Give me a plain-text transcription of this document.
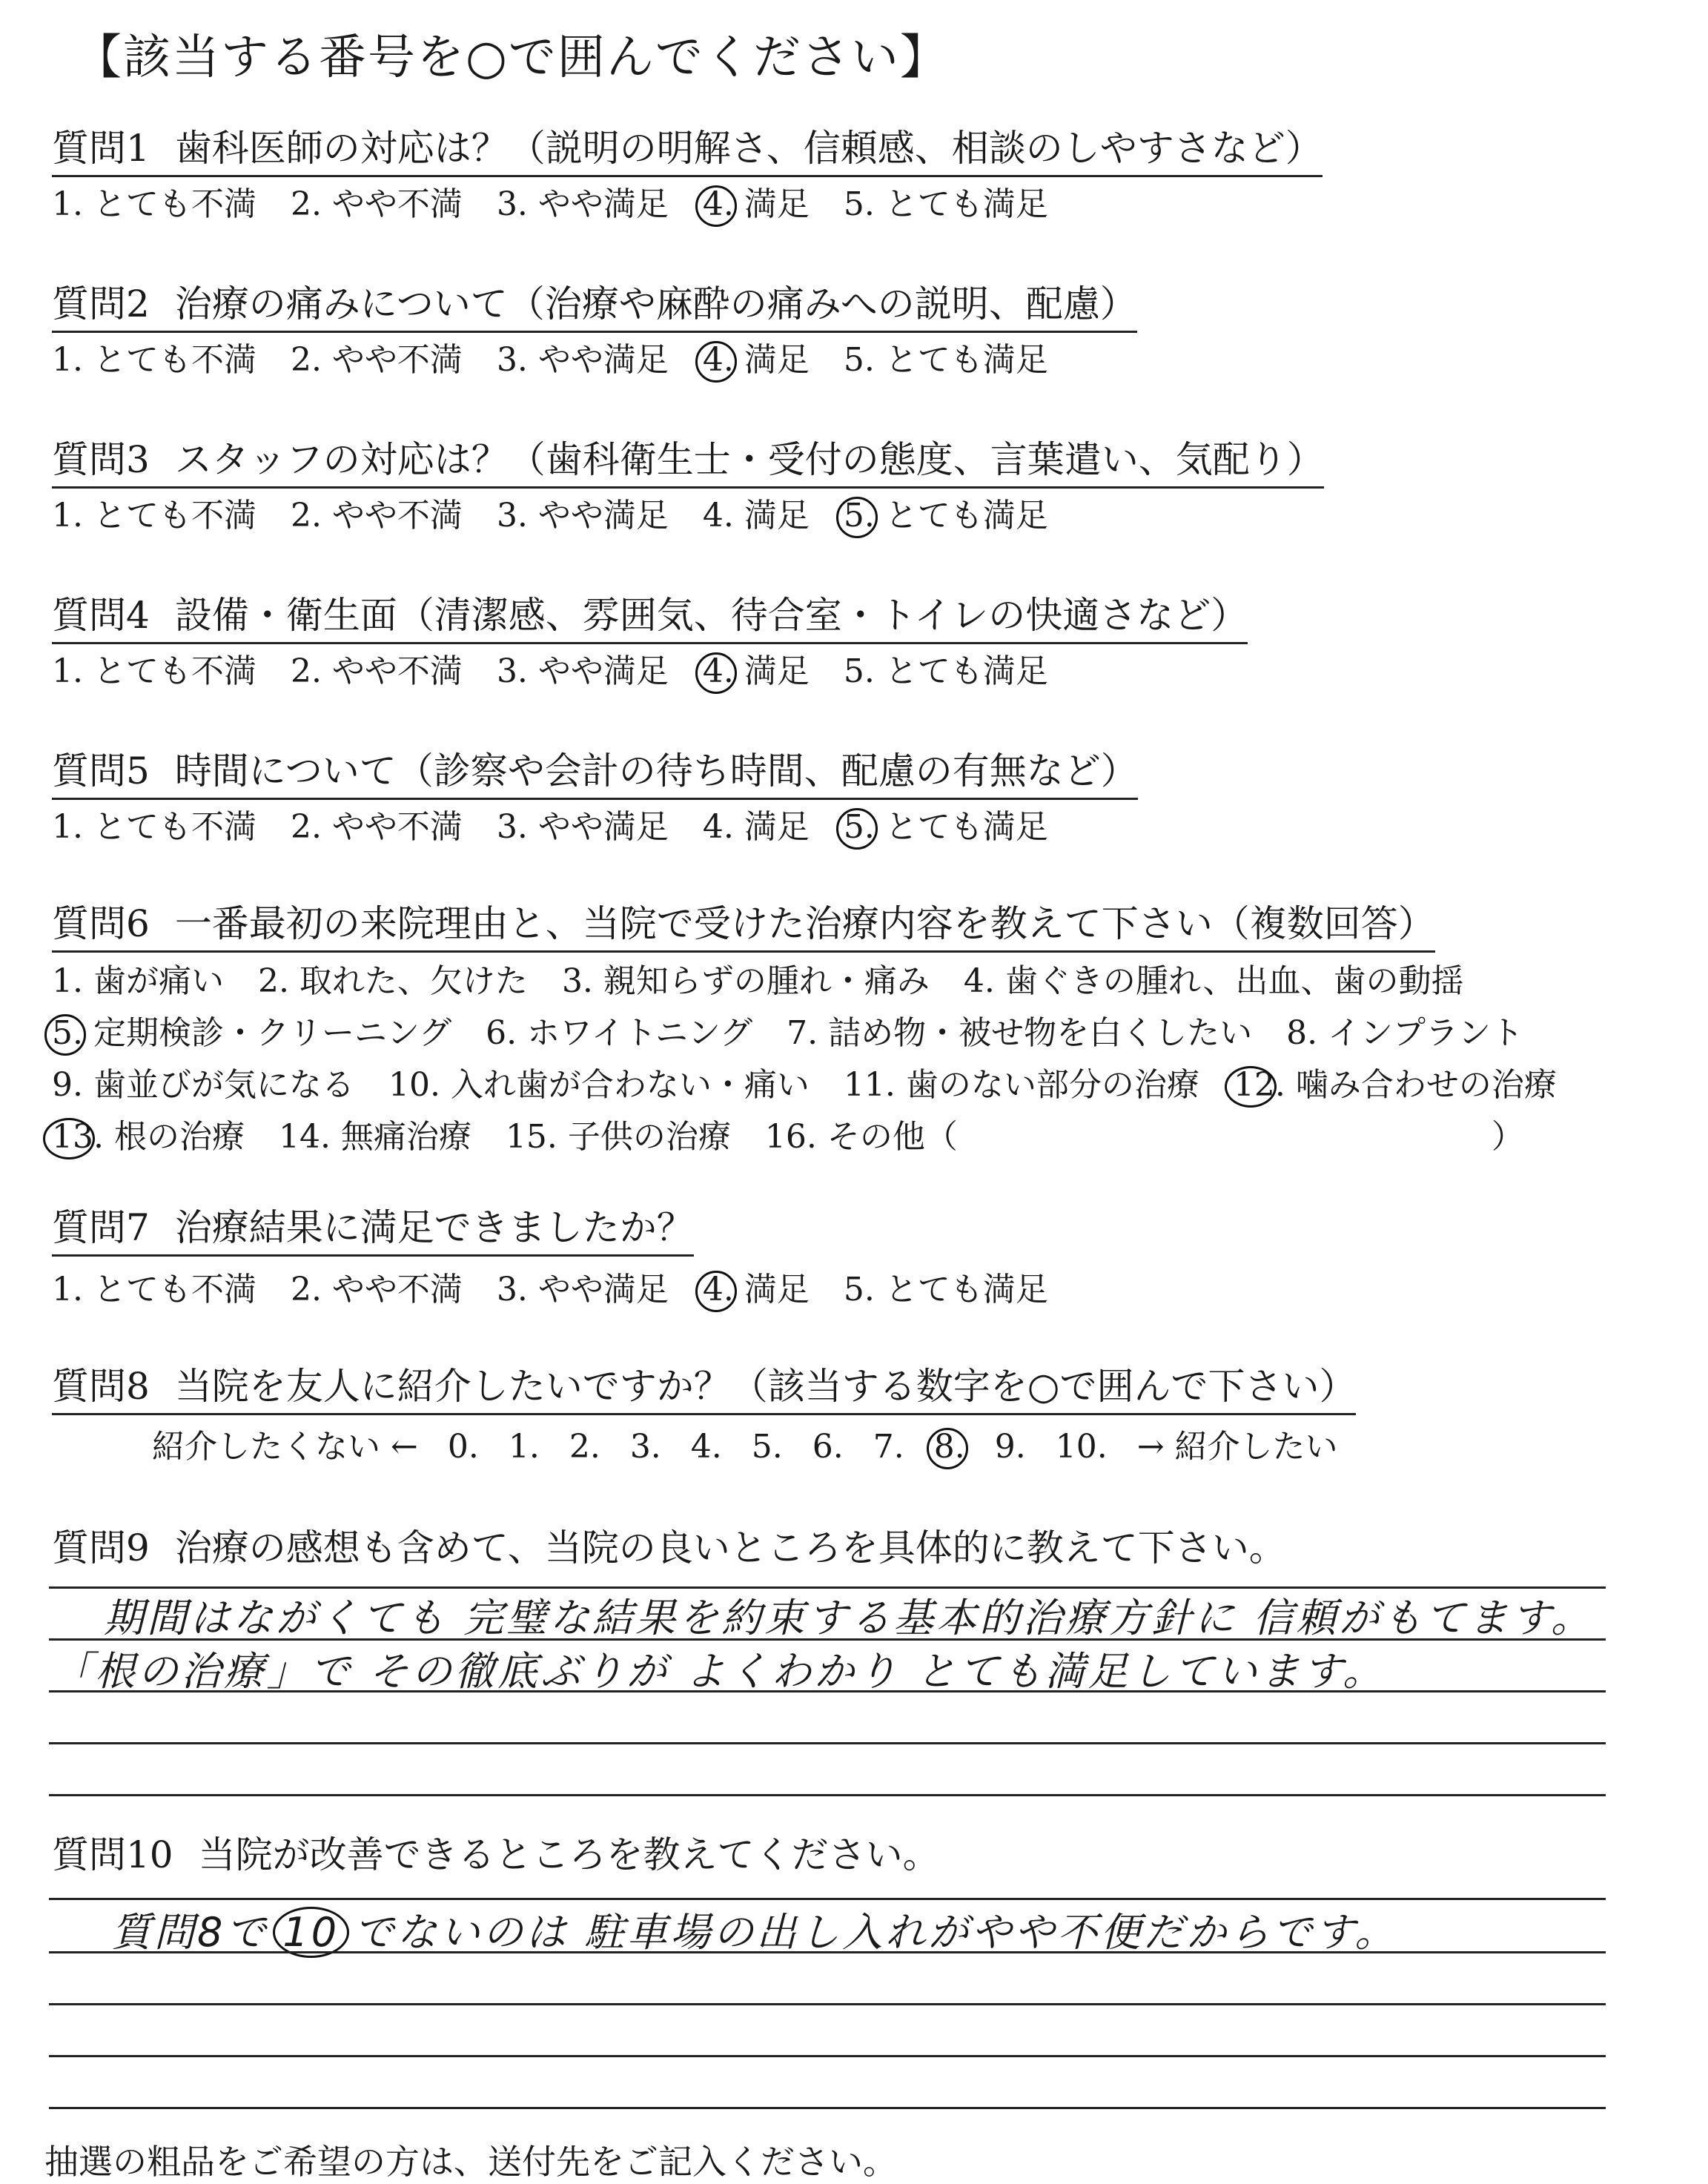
【該当する番号を○で囲んでください】
質問1 歯科医師の対応は？（説明の明解さ、信頼感、相談のしやすさなど）
1. とても不満 2. やや不満 3. やや満足 4. 満足 5. とても満足
質問2 治療の痛みについて（治療や麻酔の痛みへの説明、配慮）
1. とても不満 2. やや不満 3. やや満足 4. 満足 5. とても満足
質問3 スタッフの対応は？（歯科衛生士・受付の態度、言葉遣い、気配り）
1. とても不満 2. やや不満 3. やや満足 4. 満足 5. とても満足
質問4 設備・衛生面（清潔感、雰囲気、待合室・トイレの快適さなど）
1. とても不満 2. やや不満 3. やや満足 4. 満足 5. とても満足
質問5 時間について（診察や会計の待ち時間、配慮の有無など）
1. とても不満 2. やや不満 3. やや満足 4. 満足 5. とても満足
質問6 一番最初の来院理由と、当院で受けた治療内容を教えて下さい（複数回答）
1. 歯が痛い 2. 取れた、欠けた 3. 親知らずの腫れ・痛み 4. 歯ぐきの腫れ、出血、歯の動揺
5. 定期検診・クリーニング 6. ホワイトニング 7. 詰め物・被せ物を白くしたい 8. インプラント
9. 歯並びが気になる 10. 入れ歯が合わない・痛い 11. 歯のない部分の治療 12. 噛み合わせの治療
13. 根の治療 14. 無痛治療 15. 子供の治療 16. その他（	）
質問7 治療結果に満足できましたか？
1. とても不満 2. やや不満 3. やや満足 4. 満足 5. とても満足
質問8 当院を友人に紹介したいですか？（該当する数字を○で囲んで下さい）
紹介したくない ← 0. 1. 2. 3. 4. 5. 6. 7. 8. 9. 10. → 紹介したい
質問9 治療の感想も含めて、当院の良いところを具体的に教えて下さい。
期間はながくても 完璧な結果を約束する基本的治療方針に 信頼がもてます。
「根の治療」で その徹底ぶりが よくわかり とても満足しています。
質問10 当院が改善できるところを教えてください。
質問8で 10 でないのは 駐車場の出し入れがやや不便だからです。
抽選の粗品をご希望の方は、送付先をご記入ください。
